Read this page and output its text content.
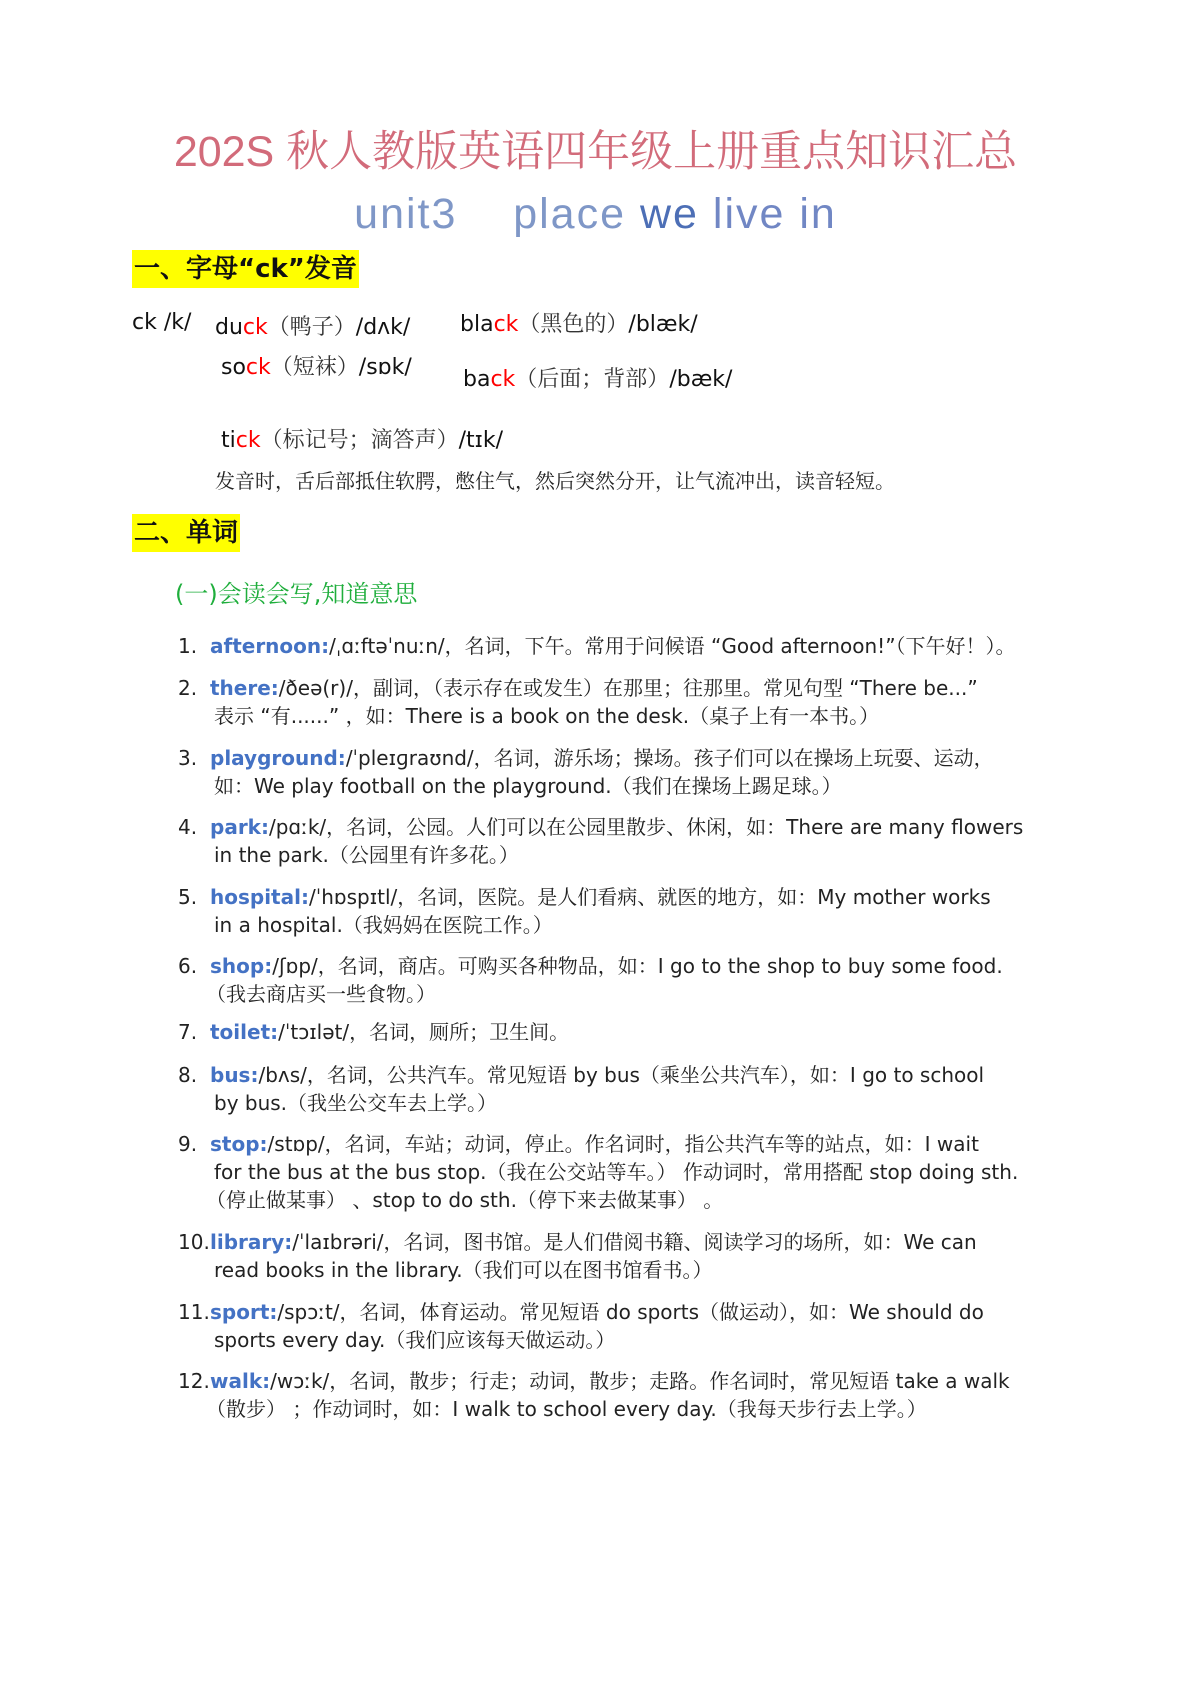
202S 秋人教版英语四年级上册重点知识汇总
unit3 place we live in
一、字母“ck”发音
ck /k/ duck（鸭子）/dʌk/
sock（短袜）/sɒk/
black（黑色的）/blæk/
back（后面；背部）/bæk/
tick（标记号；滴答声）/tɪk/
发音时，舌后部抵住软腭，憋住气，然后突然分开，让气流冲出，读音轻短。
二、单词
(一)会读会写,知道意思
1. afternoon:/ˌɑːftəˈnuːn/，名词，下午。常用于问候语 “Good afternoon!”（下午好！）。
2. there:/ðeə(r)/，副词，（表示存在或发生）在那里；往那里。常见句型 “There be...”
表示 “有......” ，如：There is a book on the desk.（桌子上有一本书。）
3. playground:/ˈpleɪɡraʊnd/，名词，游乐场；操场。孩子们可以在操场上玩耍、运动，
如：We play football on the playground.（我们在操场上踢足球。）
4. park:/pɑːk/，名词，公园。人们可以在公园里散步、休闲，如：There are many flowers
in the park.（公园里有许多花。）
5. hospital:/ˈhɒspɪtl/，名词，医院。是人们看病、就医的地方，如：My mother works
in a hospital.（我妈妈在医院工作。）
6. shop:/ʃɒp/，名词，商店。可购买各种物品，如：I go to the shop to buy some food.
（我去商店买一些食物。）
7. toilet:/ˈtɔɪlət/，名词，厕所；卫生间。
8. bus:/bʌs/，名词，公共汽车。常见短语 by bus（乘坐公共汽车），如：I go to school
by bus.（我坐公交车去上学。）
9. stop:/stɒp/，名词，车站；动词，停止。作名词时，指公共汽车等的站点，如：I wait
for the bus at the bus stop.（我在公交站等车。） 作动词时，常用搭配 stop doing sth.
（停止做某事） 、stop to do sth.（停下来去做某事） 。
10.library:/ˈlaɪbrəri/，名词，图书馆。是人们借阅书籍、阅读学习的场所，如：We can
read books in the library.（我们可以在图书馆看书。）
11.sport:/spɔːt/，名词，体育运动。常见短语 do sports（做运动），如：We should do
sports every day.（我们应该每天做运动。）
12.walk:/wɔːk/，名词，散步；行走；动词，散步；走路。作名词时，常见短语 take a walk
（散步） ；作动词时，如：I walk to school every day.（我每天步行去上学。）
